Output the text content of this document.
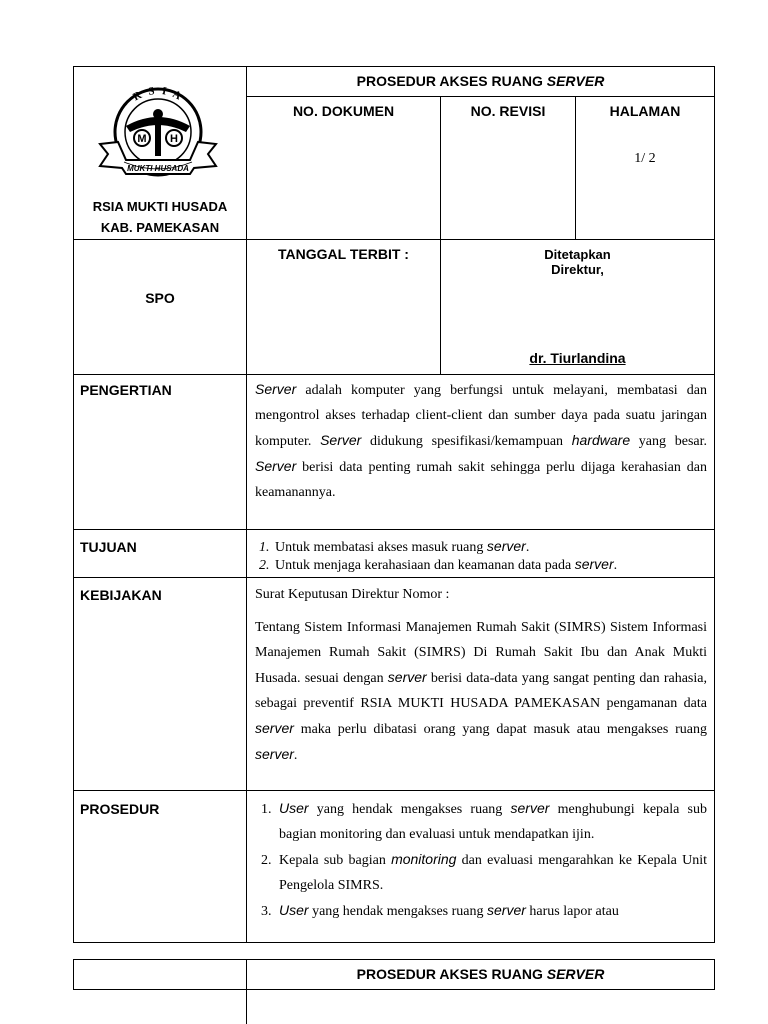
PROSEDUR AKSES RUANG SERVER
NO. DOKUMEN	NO. REVISI	HALAMAN
1/ 2
R S I A
M H
MUKTI HUSADA
RSIA MUKTI HUSADA
KAB. PAMEKASAN
SPO
TANGGAL TERBIT :	Ditetapkan
Direktur,
dr. Tiurlandina
PENGERTIAN	Server adalah komputer yang berfungsi untuk melayani, membatasi dan mengontrol akses terhadap client-client dan sumber daya pada suatu jaringan komputer. Server didukung spesifikasi/kemampuan hardware yang besar. Server berisi data penting rumah sakit sehingga perlu dijaga kerahasian dan keamanannya.
TUJUAN	1. Untuk membatasi akses masuk ruang server.
2. Untuk menjaga kerahasiaan dan keamanan data pada server.
KEBIJAKAN	Surat Keputusan Direktur Nomor :
Tentang Sistem Informasi Manajemen Rumah Sakit (SIMRS) Sistem Informasi Manajemen Rumah Sakit (SIMRS) Di Rumah Sakit Ibu dan Anak Mukti Husada. sesuai dengan server berisi data-data yang sangat penting dan rahasia, sebagai preventif RSIA MUKTI HUSADA PAMEKASAN pengamanan data server maka perlu dibatasi orang yang dapat masuk atau mengakses ruang server.
PROSEDUR	1. User yang hendak mengakses ruang server menghubungi kepala sub bagian monitoring dan evaluasi untuk mendapatkan ijin.
2. Kepala sub bagian monitoring dan evaluasi mengarahkan ke Kepala Unit Pengelola SIMRS.
3. User yang hendak mengakses ruang server harus lapor atau
PROSEDUR AKSES RUANG SERVER
